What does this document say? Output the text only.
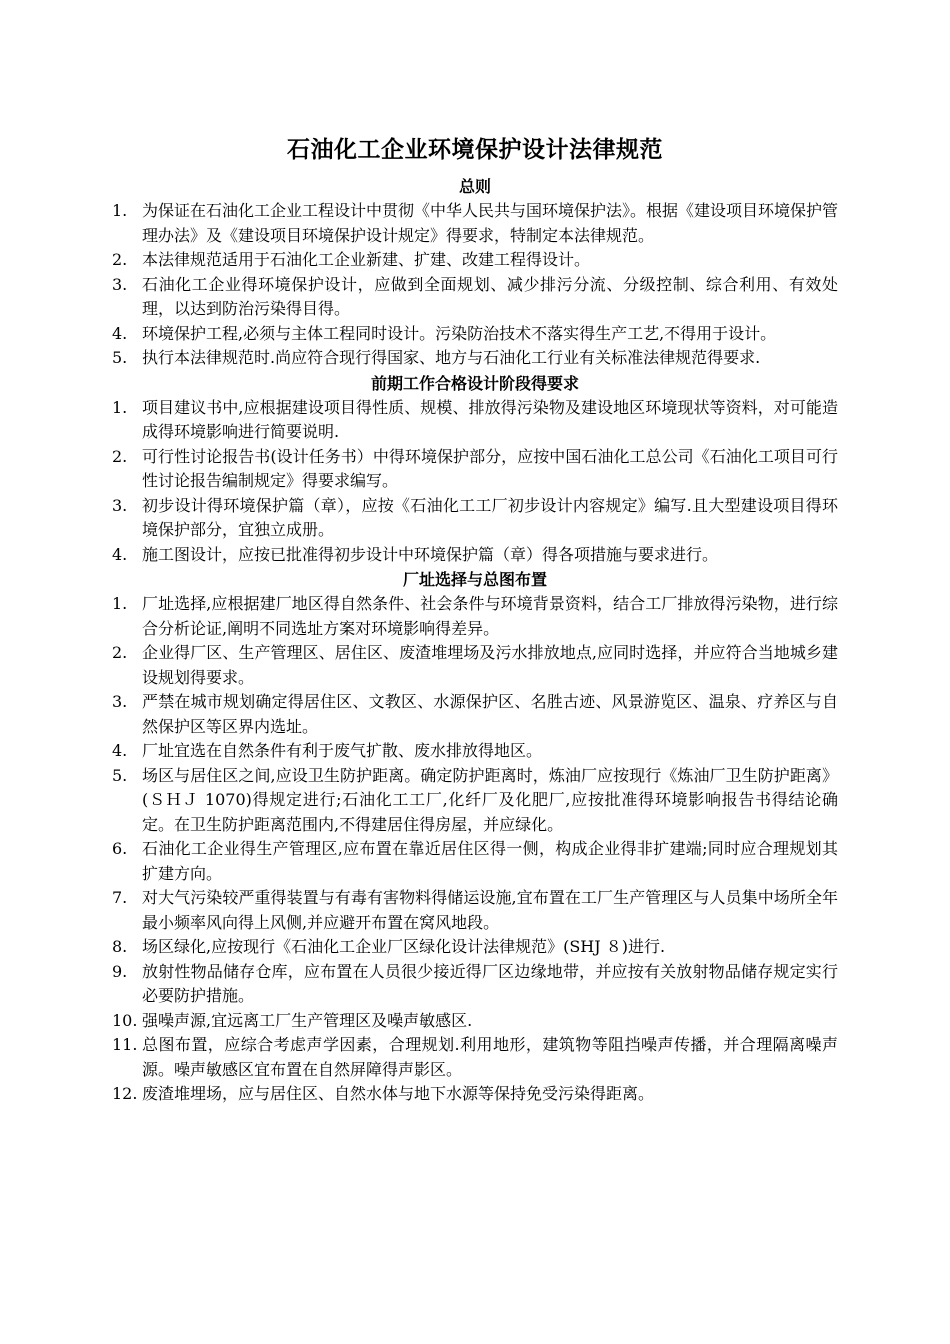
石油化工企业环境保护设计法律规范
总则
1. 为保证在石油化工企业工程设计中贯彻《中华人民共与国环境保护法》。根据《建设项目环境保护管理办法》及《建设项目环境保护设计规定》得要求，特制定本法律规范。
2. 本法律规范适用于石油化工企业新建、扩建、改建工程得设计。
3. 石油化工企业得环境保护设计，应做到全面规划、减少排污分流、分级控制、综合利用、有效处理，以达到防治污染得目得。
4. 环境保护工程,必须与主体工程同时设计。污染防治技术不落实得生产工艺,不得用于设计。
5. 执行本法律规范时.尚应符合现行得国家、地方与石油化工行业有关标准法律规范得要求.
前期工作合格设计阶段得要求
1. 项目建议书中,应根据建设项目得性质、规模、排放得污染物及建设地区环境现状等资料，对可能造成得环境影响进行简要说明.
2. 可行性讨论报告书(设计任务书）中得环境保护部分，应按中国石油化工总公司《石油化工项目可行性讨论报告编制规定》得要求编写。
3. 初步设计得环境保护篇（章），应按《石油化工工厂初步设计内容规定》编写.且大型建设项目得环境保护部分，宜独立成册。
4. 施工图设计，应按已批准得初步设计中环境保护篇（章）得各项措施与要求进行。
厂址选择与总图布置
1. 厂址选择,应根据建厂地区得自然条件、社会条件与环境背景资料，结合工厂排放得污染物，进行综合分析论证,阐明不同选址方案对环境影响得差异。
2. 企业得厂区、生产管理区、居住区、废渣堆埋场及污水排放地点,应同时选择，并应符合当地城乡建设规划得要求。
3. 严禁在城市规划确定得居住区、文教区、水源保护区、名胜古迹、风景游览区、温泉、疗养区与自然保护区等区界内选址。
4. 厂址宜选在自然条件有利于废气扩散、废水排放得地区。
5. 场区与居住区之间,应设卫生防护距离。确定防护距离时，炼油厂应按现行《炼油厂卫生防护距离》(ＳＨＪ 1070)得规定进行;石油化工工厂,化纤厂及化肥厂,应按批准得环境影响报告书得结论确定。在卫生防护距离范围内,不得建居住得房屋，并应绿化。
6. 石油化工企业得生产管理区,应布置在靠近居住区得一侧，构成企业得非扩建端;同时应合理规划其扩建方向。
7. 对大气污染较严重得装置与有毒有害物料得储运设施,宜布置在工厂生产管理区与人员集中场所全年最小频率风向得上风侧,并应避开布置在窝风地段。
8. 场区绿化,应按现行《石油化工企业厂区绿化设计法律规范》(SHJ ８)进行.
9. 放射性物品储存仓库，应布置在人员很少接近得厂区边缘地带，并应按有关放射物品储存规定实行必要防护措施。
10. 强噪声源,宜远离工厂生产管理区及噪声敏感区.
11. 总图布置，应综合考虑声学因素，合理规划.利用地形，建筑物等阻挡噪声传播，并合理隔离噪声源。噪声敏感区宜布置在自然屏障得声影区。
12. 废渣堆埋场，应与居住区、自然水体与地下水源等保持免受污染得距离。
